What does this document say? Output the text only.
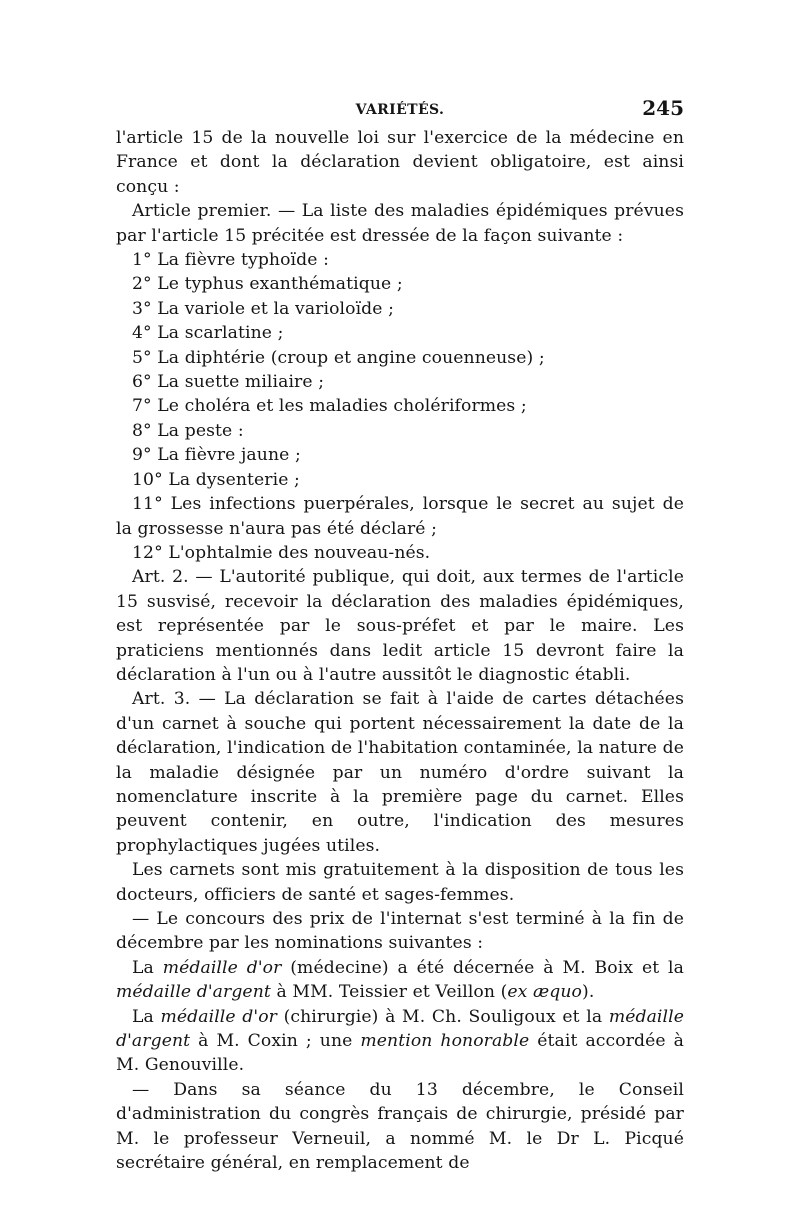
VARIÉTÉS.	245

l'article 15 de la nouvelle loi sur l'exercice de la médecine en France et dont la déclaration devient obligatoire, est ainsi conçu :

Article premier. — La liste des maladies épidémiques prévues par l'article 15 précitée est dressée de la façon suivante :

1° La fièvre typhoïde :

2° Le typhus exanthématique ;

3° La variole et la varioloïde ;

4° La scarlatine ;

5° La diphtérie (croup et angine couenneuse) ;

6° La suette miliaire ;

7° Le choléra et les maladies cholériformes ;

8° La peste :

9° La fièvre jaune ;

10° La dysenterie ;

11° Les infections puerpérales, lorsque le secret au sujet de la grossesse n'aura pas été déclaré ;

12° L'ophtalmie des nouveau-nés.

Art. 2. — L'autorité publique, qui doit, aux termes de l'article 15 susvisé, recevoir la déclaration des maladies épidémiques, est représentée par le sous-préfet et par le maire. Les praticiens mentionnés dans ledit article 15 devront faire la déclaration à l'un ou à l'autre aussitôt le diagnostic établi.

Art. 3. — La déclaration se fait à l'aide de cartes détachées d'un carnet à souche qui portent nécessairement la date de la déclaration, l'indication de l'habitation contaminée, la nature de la maladie désignée par un numéro d'ordre suivant la nomenclature inscrite à la première page du carnet. Elles peuvent contenir, en outre, l'indication des mesures prophylactiques jugées utiles.

Les carnets sont mis gratuitement à la disposition de tous les docteurs, officiers de santé et sages-femmes.

— Le concours des prix de l'internat s'est terminé à la fin de décembre par les nominations suivantes :

La médaille d'or (médecine) a été décernée à M. Boix et la médaille d'argent à MM. Teissier et Veillon (ex æquo).

La médaille d'or (chirurgie) à M. Ch. Souligoux et la médaille d'argent à M. Coxin ; une mention honorable était accordée à M. Genouville.

— Dans sa séance du 13 décembre, le Conseil d'administration du congrès français de chirurgie, présidé par M. le professeur Verneuil, a nommé M. le Dr L. Picqué secrétaire général, en remplacement de
